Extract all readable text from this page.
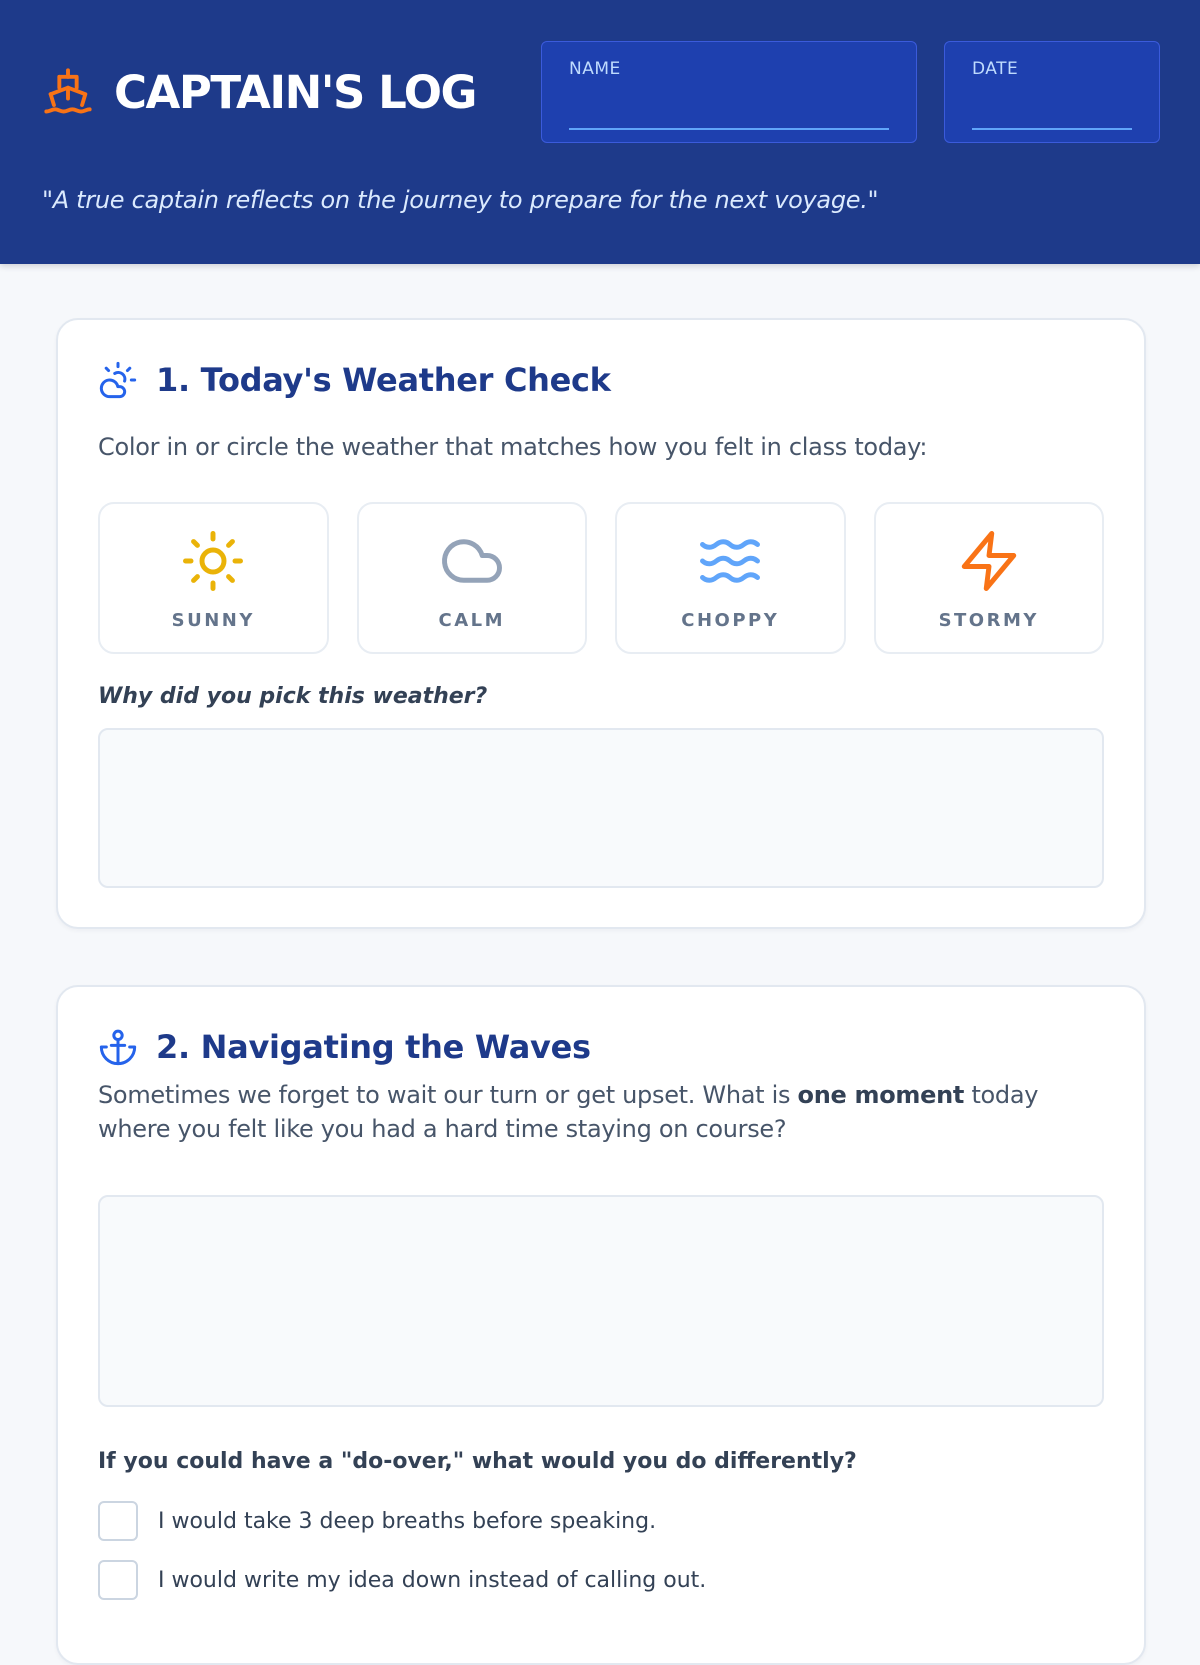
CAPTAIN'S LOG	NAME	DATE
"A true captain reflects on the journey to prepare for the next voyage."
1. Today's Weather Check
Color in or circle the weather that matches how you felt in class today:
SUNNY	CALM	CHOPPY	STORMY
Why did you pick this weather?
2. Navigating the Waves
Sometimes we forget to wait our turn or get upset. What is one moment today where you felt like you had a hard time staying on course?
If you could have a "do-over," what would you do differently?
I would take 3 deep breaths before speaking.
I would write my idea down instead of calling out.
